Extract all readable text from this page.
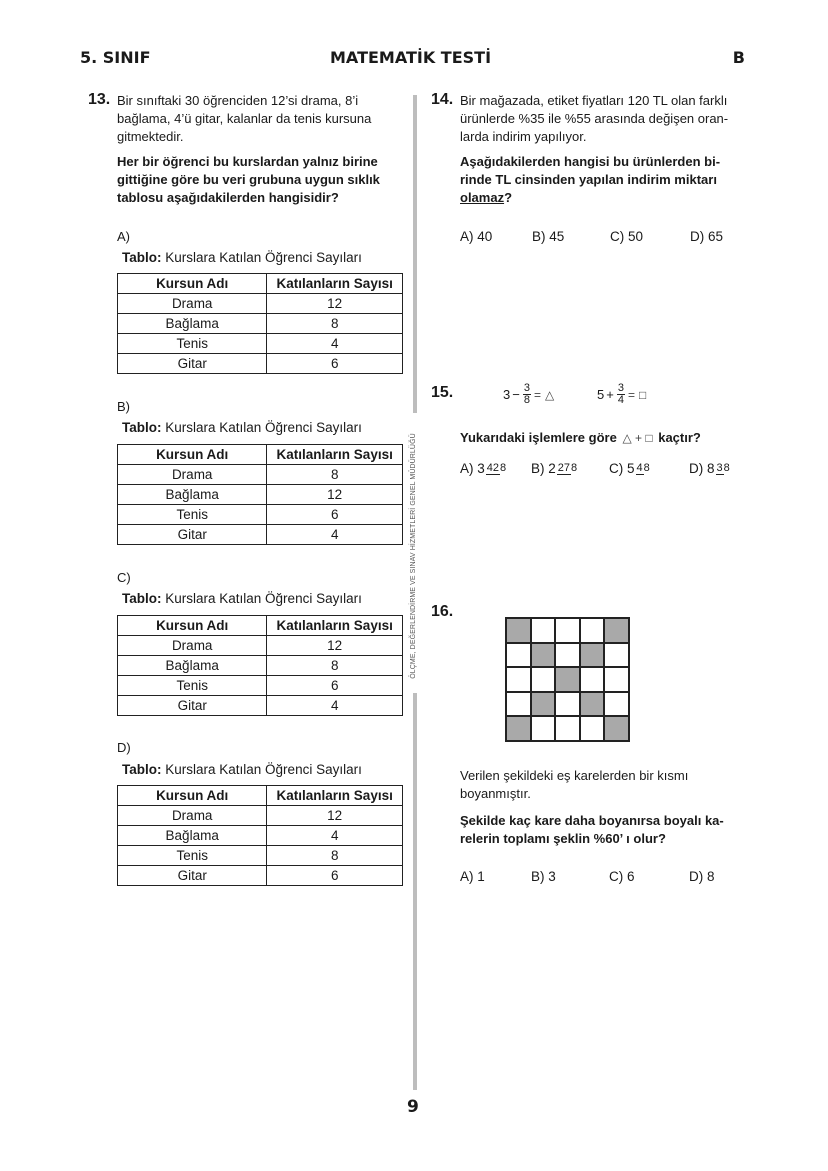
5. SINIF	MATEMATİK TESTİ	B
ÖLÇME, DEĞERLENDİRME VE SINAV HİZMETLERİ GENEL MÜDÜRLÜĞÜ
13. Bir sınıftaki 30 öğrenciden 12’si drama, 8’i
bağlama, 4’ü gitar, kalanlar da tenis kursuna
gitmektedir.
Her bir öğrenci bu kurslardan yalnız birine
gittiğine göre bu veri grubuna uygun sıklık
tablosu aşağıdakilerden hangisidir?
A)
Tablo: Kurslara Katılan Öğrenci Sayıları
Kursun Adı	Katılanların Sayısı
Drama	12
Bağlama	8
Tenis	4
Gitar	6
B)
Tablo: Kurslara Katılan Öğrenci Sayıları
Kursun Adı	Katılanların Sayısı
Drama	8
Bağlama	12
Tenis	6
Gitar	4
C)
Tablo: Kurslara Katılan Öğrenci Sayıları
Kursun Adı	Katılanların Sayısı
Drama	12
Bağlama	8
Tenis	6
Gitar	4
D)
Tablo: Kurslara Katılan Öğrenci Sayıları
Kursun Adı	Katılanların Sayısı
Drama	12
Bağlama	4
Tenis	8
Gitar	6
14. Bir mağazada, etiket fiyatları 120 TL olan farklı
ürünlerde %35 ile %55 arasında değişen oran-
larda indirim yapılıyor.
Aşağıdakilerden hangisi bu ürünlerden bi-
rinde TL cinsinden yapılan indirim miktarı
olamaz?
A) 40	B) 45	C) 50	D) 65
15.	$3 - \frac{3}{8}$ = △	$5 + \frac{3}{4}$ = □
Yukarıdaki işlemlere göre △ + □ kaçtır?
A) 3 428	B) 2 278	C) 5 48	D) 8 38
16.
Verilen şekildeki eş karelerden bir kısmı
boyanmıştır.
Şekilde kaç kare daha boyanırsa boyalı ka-
relerin toplamı şeklin %60’ ı olur?
A) 1	B) 3	C) 6	D) 8
9
